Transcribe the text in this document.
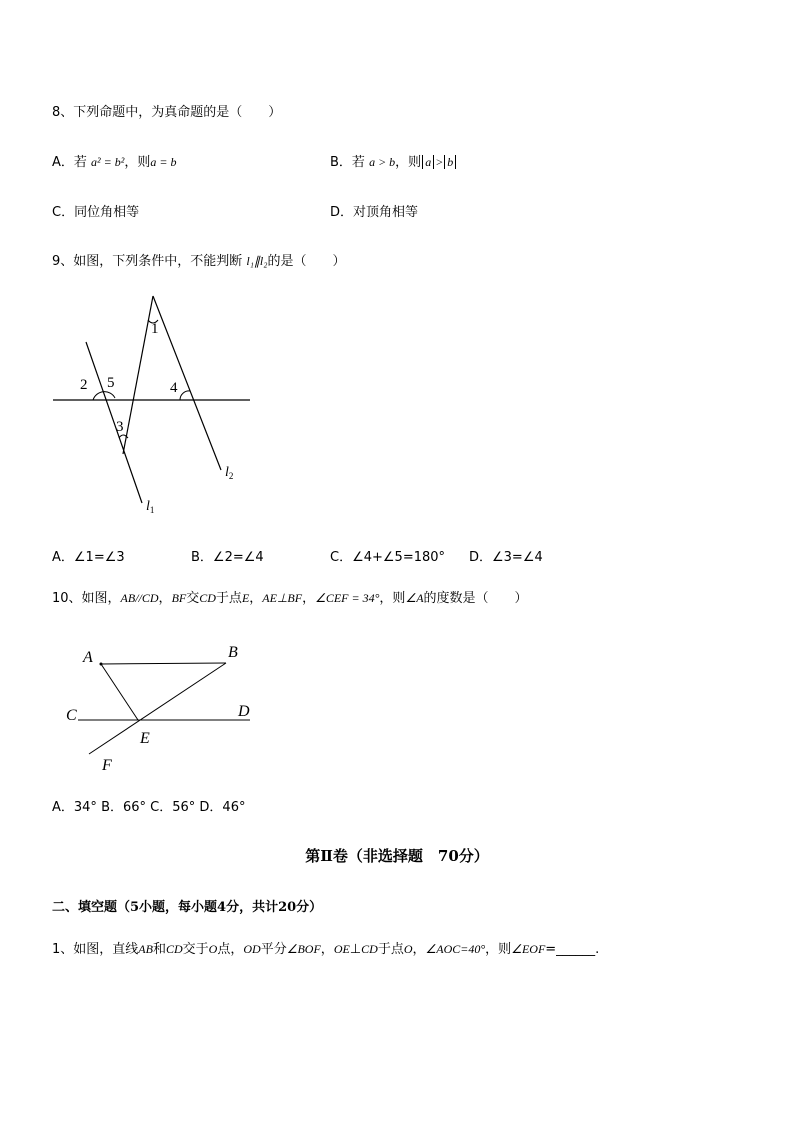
8、下列命题中，为真命题的是（　　）
A．若 a² = b²，则a = b	B．若 a > b，则 a > b
C．同位角相等	D．对顶角相等
9、如图，下列条件中，不能判断 l₁∥l₂的是（　　）
1
2 5
3
4
$l_2$
$l_1$
A．∠1=∠3	B．∠2=∠4	C．∠4+∠5=180° D．∠3=∠4
10、如图，AB//CD，BF交CD于点E，AE⊥BF，∠CEF = 34°，则∠A的度数是（　　）
A	B
C	D
E
F
A．34° B．66° C．56° D．46°
第Ⅱ卷（非选择题　70分）
二、填空题（5小题，每小题4分，共计20分）
1、如图，直线AB和CD交于O点，OD平分∠BOF，OE⊥CD于点O，∠AOC=40°，则∠EOF=______.
